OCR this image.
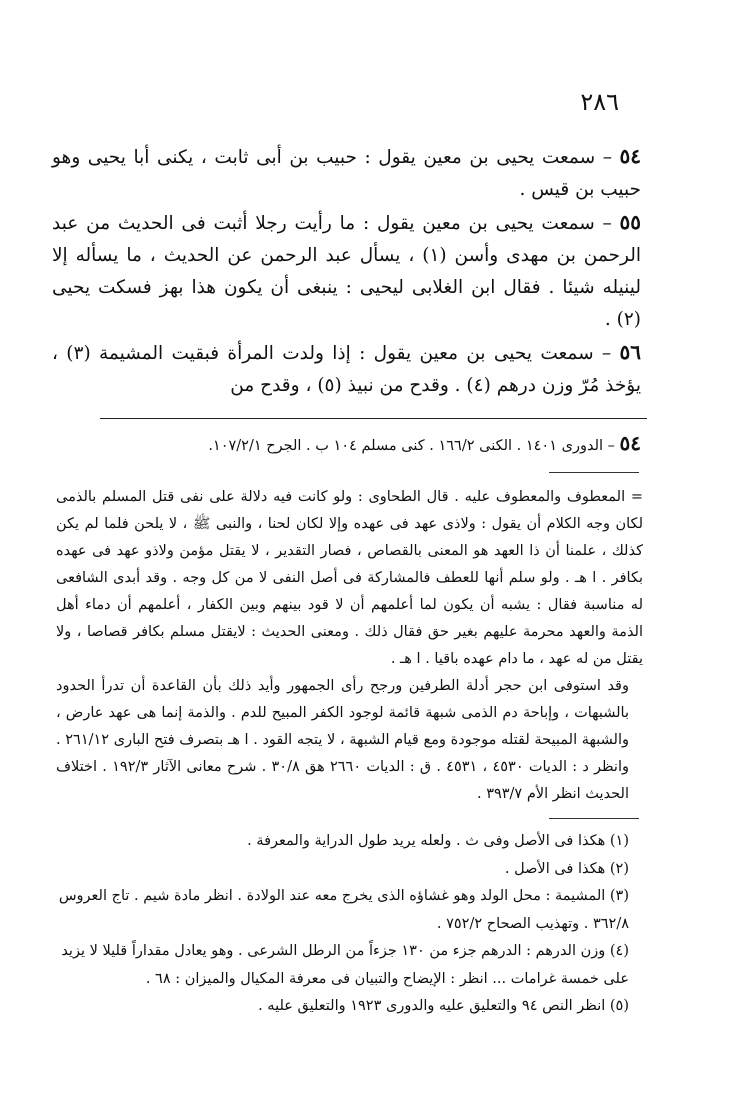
٢٨٦

٥٤ – سمعت يحيى بن معين يقول : حبيب بن أبى ثابت ، يكنى أبا يحيى وهو حبيب بن قيس .

٥٥ – سمعت يحيى بن معين يقول : ما رأيت رجلا أثبت فى الحديث من عبد الرحمن بن مهدى وأسن (١) ، يسأل عبد الرحمن عن الحديث ، ما يسأله إلا لينيله شيئا . فقال ابن الغلابى ليحيى : ينبغى أن يكون هذا بهز فسكت يحيى (٢) .

٥٦ – سمعت يحيى بن معين يقول : إذا ولدت المرأة فبقيت المشيمة (٣) ، يؤخذ مُرّ وزن درهم (٤) . وقدح من نبيذ (٥) ، وقدح من

٥٤ – الدورى ١٤٠١ . الكنى ١٦٦/٢ . كنى مسلم ١٠٤ ب . الجرح ١٠٧/٢/١.

= المعطوف والمعطوف عليه . قال الطحاوى : ولو كانت فيه دلالة على نفى قتل المسلم بالذمى لكان وجه الكلام أن يقول : ولاذى عهد فى عهده وإلا لكان لحنا ، والنبى ﷺ ، لا يلحن فلما لم يكن كذلك ، علمنا أن ذا العهد هو المعنى بالقصاص ، فصار التقدير ، لا يقتل مؤمن ولاذو عهد فى عهده بكافر . ا هـ . ولو سلم أنها للعطف فالمشاركة فى أصل النفى لا من كل وجه . وقد أبدى الشافعى له مناسبة فقال : يشبه أن يكون لما أعلمهم أن لا قود بينهم وبين الكفار ، أعلمهم أن دماء أهل الذمة والعهد محرمة عليهم بغير حق فقال ذلك . ومعنى الحديث : لايقتل مسلم بكافر قصاصا ، ولا يقتل من له عهد ، ما دام عهده باقيا . ا هـ .

وقد استوفى ابن حجر أدلة الطرفين ورجح رأى الجمهور وأيد ذلك بأن القاعدة أن تدرأ الحدود بالشبهات ، وإباحة دم الذمى شبهة قائمة لوجود الكفر المبيح للدم . والذمة إنما هى عهد عارض ، والشبهة المبيحة لقتله موجودة ومع قيام الشبهة ، لا يتجه القود . ا هـ بتصرف فتح البارى ٢٦١/١٢ . وانظر د : الديات ٤٥٣٠ ، ٤٥٣١ . ق : الديات ٢٦٦٠ هق ٣٠/٨ . شرح معانى الآثار ١٩٢/٣ . اختلاف الحديث انظر الأم ٣٩٣/٧ .

(١) هكذا فى الأصل وفى ث . ولعله يريد طول الدراية والمعرفة .

(٢) هكذا فى الأصل .

(٣) المشيمة : محل الولد وهو غشاؤه الذى يخرج معه عند الولادة . انظر مادة شيم . تاج العروس ٣٦٢/٨ . وتهذيب الصحاح ٧٥٢/٢ .

(٤) وزن الدرهم : الدرهم جزء من ١٣٠ جزءاً من الرطل الشرعى . وهو يعادل مقداراً قليلا لا يزيد على خمسة غرامات ... انظر : الإيضاح والتبيان فى معرفة المكيال والميزان : ٦٨ .

(٥) انظر النص ٩٤ والتعليق عليه والدورى ١٩٢٣ والتعليق عليه .
